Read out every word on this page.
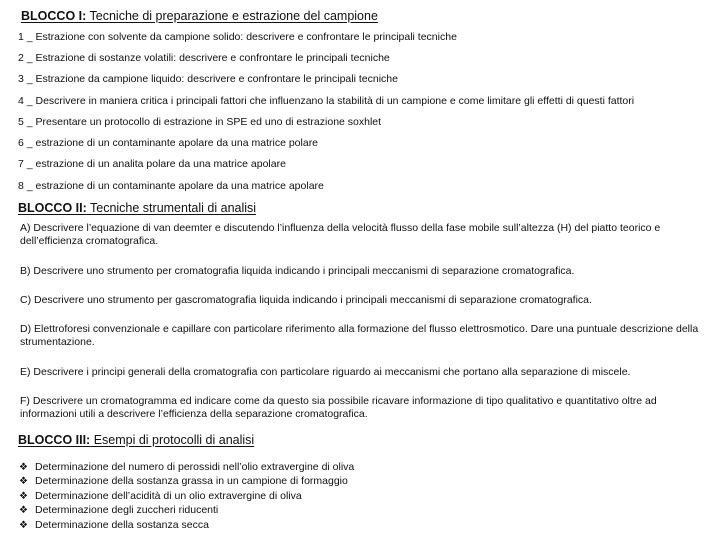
BLOCCO I: Tecniche di preparazione e estrazione del campione
1 _ Estrazione con solvente da campione solido: descrivere e confrontare le principali tecniche
2 _ Estrazione di sostanze volatili: descrivere e confrontare le principali tecniche
3 _ Estrazione da campione liquido: descrivere e confrontare le principali tecniche
4 _ Descrivere in maniera critica i principali fattori che influenzano la stabilità di un campione e come limitare gli effetti di questi fattori
5 _ Presentare un protocollo di estrazione in SPE ed uno di estrazione soxhlet
6 _ estrazione di un contaminante apolare da una matrice polare
7 _ estrazione di un analita polare da una matrice apolare
8 _ estrazione di un contaminante apolare da una matrice apolare
BLOCCO II: Tecniche strumentali di analisi
A) Descrivere l’equazione di van deemter e discutendo l’influenza della velocità flusso della fase mobile sull’altezza (H) del piatto teorico e dell’efficienza cromatografica.
B) Descrivere uno strumento per cromatografia liquida indicando i principali meccanismi di separazione cromatografica.
C) Descrivere uno strumento per gascromatografia liquida indicando i principali meccanismi di separazione cromatografica.
D) Elettroforesi convenzionale e capillare con particolare riferimento alla formazione del flusso elettrosmotico. Dare una puntuale descrizione della strumentazione.
E) Descrivere i principi generali della cromatografia con particolare riguardo ai meccanismi che portano alla separazione di miscele.
F) Descrivere un cromatogramma ed indicare come da questo sia possibile ricavare informazione di tipo qualitativo e quantitativo oltre ad informazioni utili a descrivere l’efficienza della separazione cromatografica.
BLOCCO III: Esempi di protocolli di analisi
❖ Determinazione del numero di perossidi nell’olio extravergine di oliva
❖ Determinazione della sostanza grassa in un campione di formaggio
❖ Determinazione dell’acidità di un olio extravergine di oliva
❖ Determinazione degli zuccheri riducenti
❖ Determinazione della sostanza secca
